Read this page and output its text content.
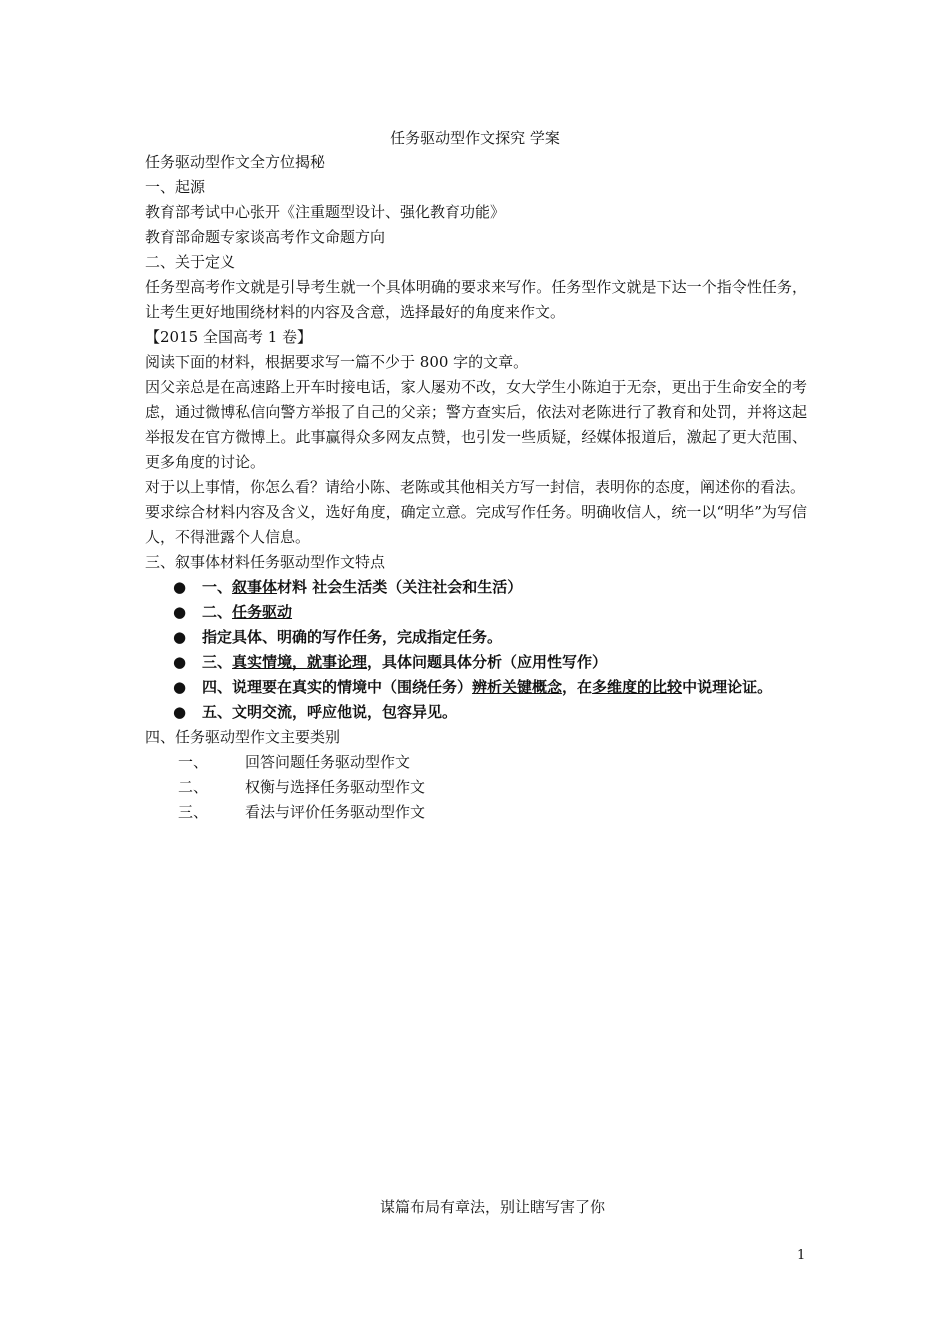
任务驱动型作文探究 学案

任务驱动型作文全方位揭秘

一、起源

教育部考试中心张开《注重题型设计、强化教育功能》

教育部命题专家谈高考作文命题方向

二、关于定义

任务型高考作文就是引导考生就一个具体明确的要求来写作。任务型作文就是下达一个指令性任务，让考生更好地围绕材料的内容及含意，选择最好的角度来作文。

【2015 全国高考 1 卷】

阅读下面的材料，根据要求写一篇不少于 800 字的文章。

因父亲总是在高速路上开车时接电话，家人屡劝不改，女大学生小陈迫于无奈，更出于生命安全的考虑，通过微博私信向警方举报了自己的父亲；警方查实后，依法对老陈进行了教育和处罚，并将这起举报发在官方微博上。此事赢得众多网友点赞，也引发一些质疑，经媒体报道后，激起了更大范围、更多角度的讨论。

对于以上事情，你怎么看？请给小陈、老陈或其他相关方写一封信，表明你的态度，阐述你的看法。

要求综合材料内容及含义，选好角度，确定立意。完成写作任务。明确收信人，统一以“明华”为写信人，不得泄露个人信息。

三、叙事体材料任务驱动型作文特点

● 一、叙事体材料 社会生活类（关注社会和生活）
● 二、任务驱动
● 指定具体、明确的写作任务，完成指定任务。
● 三、真实情境，就事论理，具体问题具体分析（应用性写作）
● 四、说理要在真实的情境中（围绕任务）辨析关键概念，在多维度的比较中说理论证。
● 五、文明交流，呼应他说，包容异见。

四、任务驱动型作文主要类别

一、 回答问题任务驱动型作文
二、 权衡与选择任务驱动型作文
三、 看法与评价任务驱动型作文
谋篇布局有章法，别让瞎写害了你
1
